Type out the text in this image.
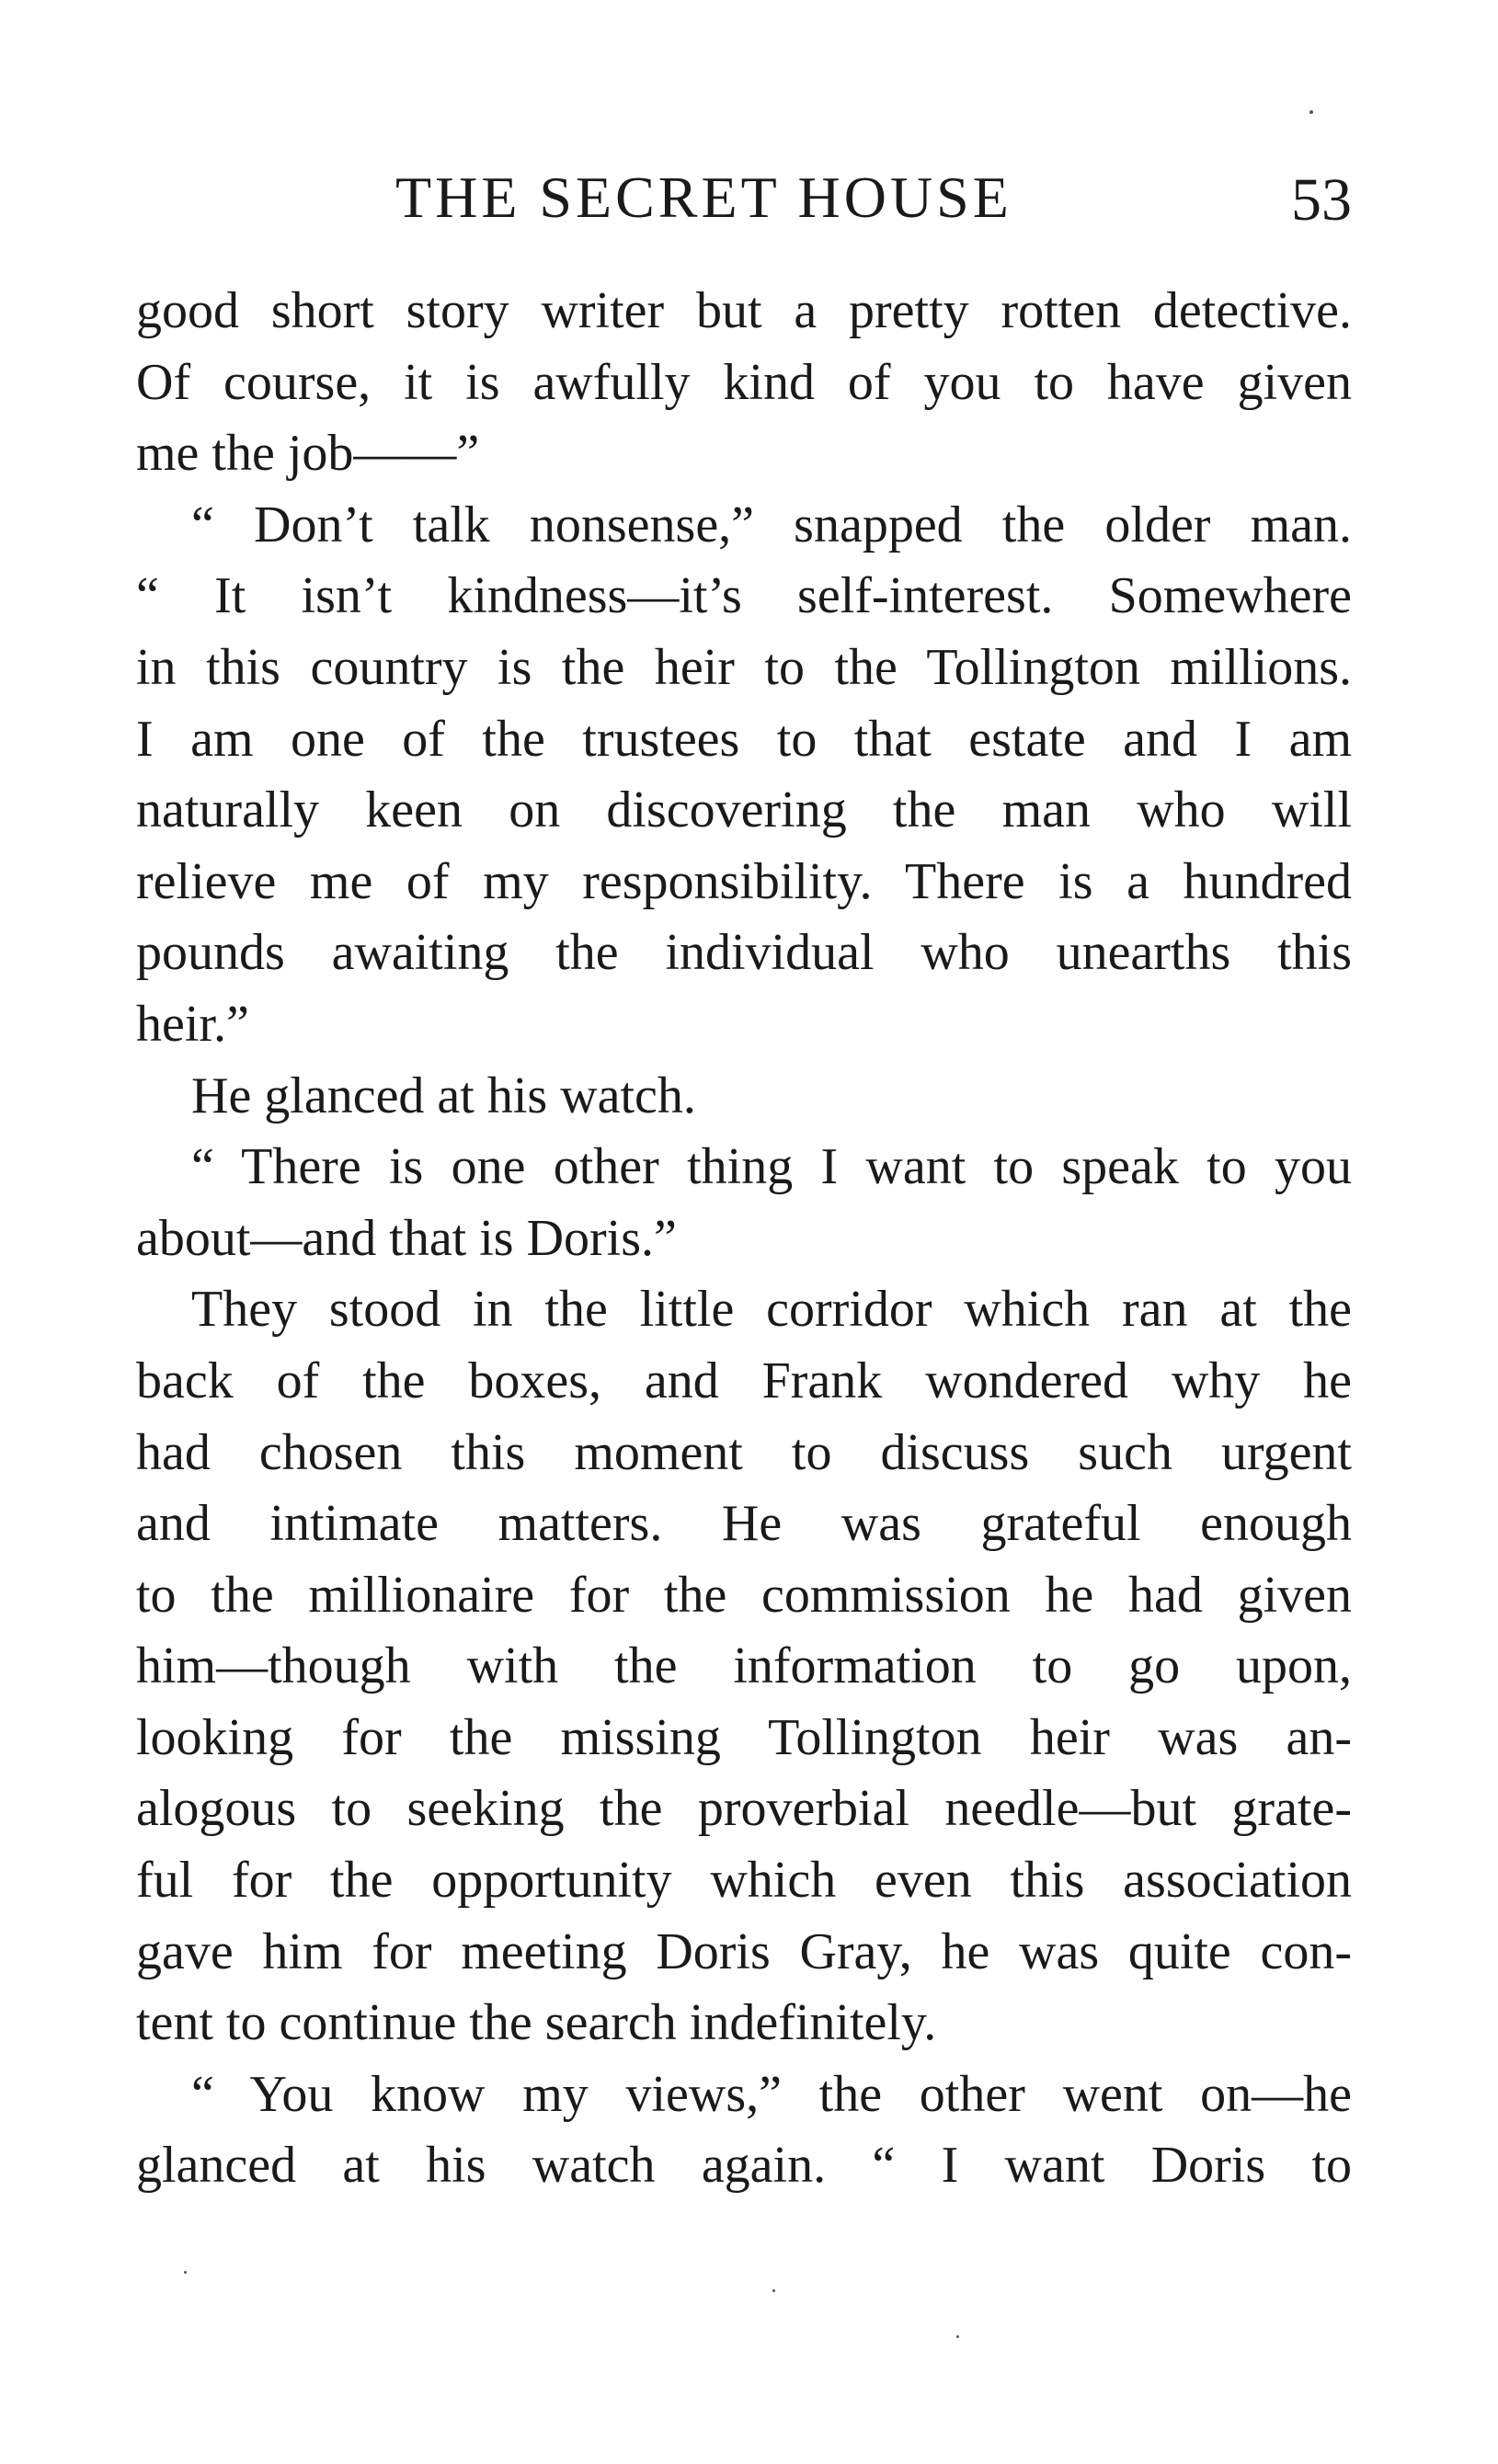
THE SECRET HOUSE	53
good short story writer but a pretty rotten detective.
Of course, it is awfully kind of you to have given
me the job——”
“ Don’t talk nonsense,” snapped the older man.
“ It isn’t kindness—it’s self-interest. Somewhere
in this country is the heir to the Tollington millions.
I am one of the trustees to that estate and I am
naturally keen on discovering the man who will
relieve me of my responsibility. There is a hundred
pounds awaiting the individual who unearths this
heir.”
He glanced at his watch.
“ There is one other thing I want to speak to you
about—and that is Doris.”
They stood in the little corridor which ran at the
back of the boxes, and Frank wondered why he
had chosen this moment to discuss such urgent
and intimate matters. He was grateful enough
to the millionaire for the commission he had given
him—though with the information to go upon,
looking for the missing Tollington heir was an-
alogous to seeking the proverbial needle—but grate-
ful for the opportunity which even this association
gave him for meeting Doris Gray, he was quite con-
tent to continue the search indefinitely.
“ You know my views,” the other went on—he
glanced at his watch again. “ I want Doris to
